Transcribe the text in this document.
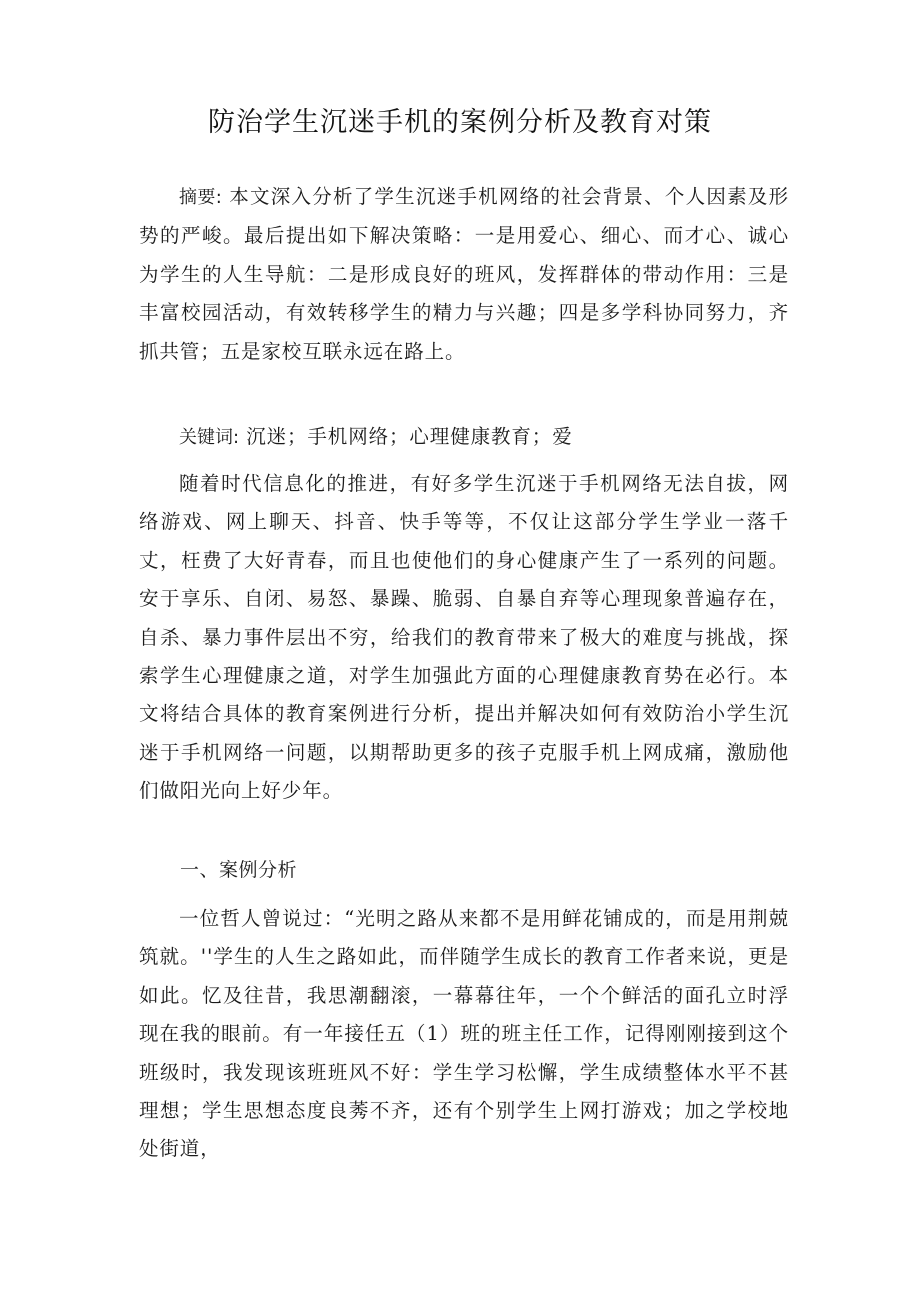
防治学生沉迷手机的案例分析及教育对策

摘要: 本文深入分析了学生沉迷手机网络的社会背景、个人因素及形势的严峻。最后提出如下解决策略：一是用爱心、细心、而才心、诚心为学生的人生导航：二是形成良好的班风，发挥群体的带动作用：三是丰富校园活动，有效转移学生的精力与兴趣；四是多学科协同努力，齐抓共管；五是家校互联永远在路上。

关键词: 沉迷；手机网络；心理健康教育；爱

随着时代信息化的推进，有好多学生沉迷于手机网络无法自拔，网络游戏、网上聊天、抖音、快手等等，不仅让这部分学生学业一落千丈，枉费了大好青春，而且也使他们的身心健康产生了一系列的问题。安于享乐、自闭、易怒、暴躁、脆弱、自暴自弃等心理现象普遍存在，自杀、暴力事件层出不穷，给我们的教育带来了极大的难度与挑战，探索学生心理健康之道，对学生加强此方面的心理健康教育势在必行。本文将结合具体的教育案例进行分析，提出并解决如何有效防治小学生沉迷于手机网络一问题，以期帮助更多的孩子克服手机上网成痛，激励他们做阳光向上好少年。

一、案例分析

一位哲人曾说过：“光明之路从来都不是用鲜花铺成的，而是用荆兢筑就。''学生的人生之路如此，而伴随学生成长的教育工作者来说，更是如此。忆及往昔，我思潮翻滚，一幕幕往年，一个个鲜活的面孔立时浮现在我的眼前。有一年接任五（1）班的班主任工作，记得刚刚接到这个班级时，我发现该班班风不好：学生学习松懈，学生成绩整体水平不甚理想；学生思想态度良莠不齐，还有个别学生上网打游戏；加之学校地处街道，
